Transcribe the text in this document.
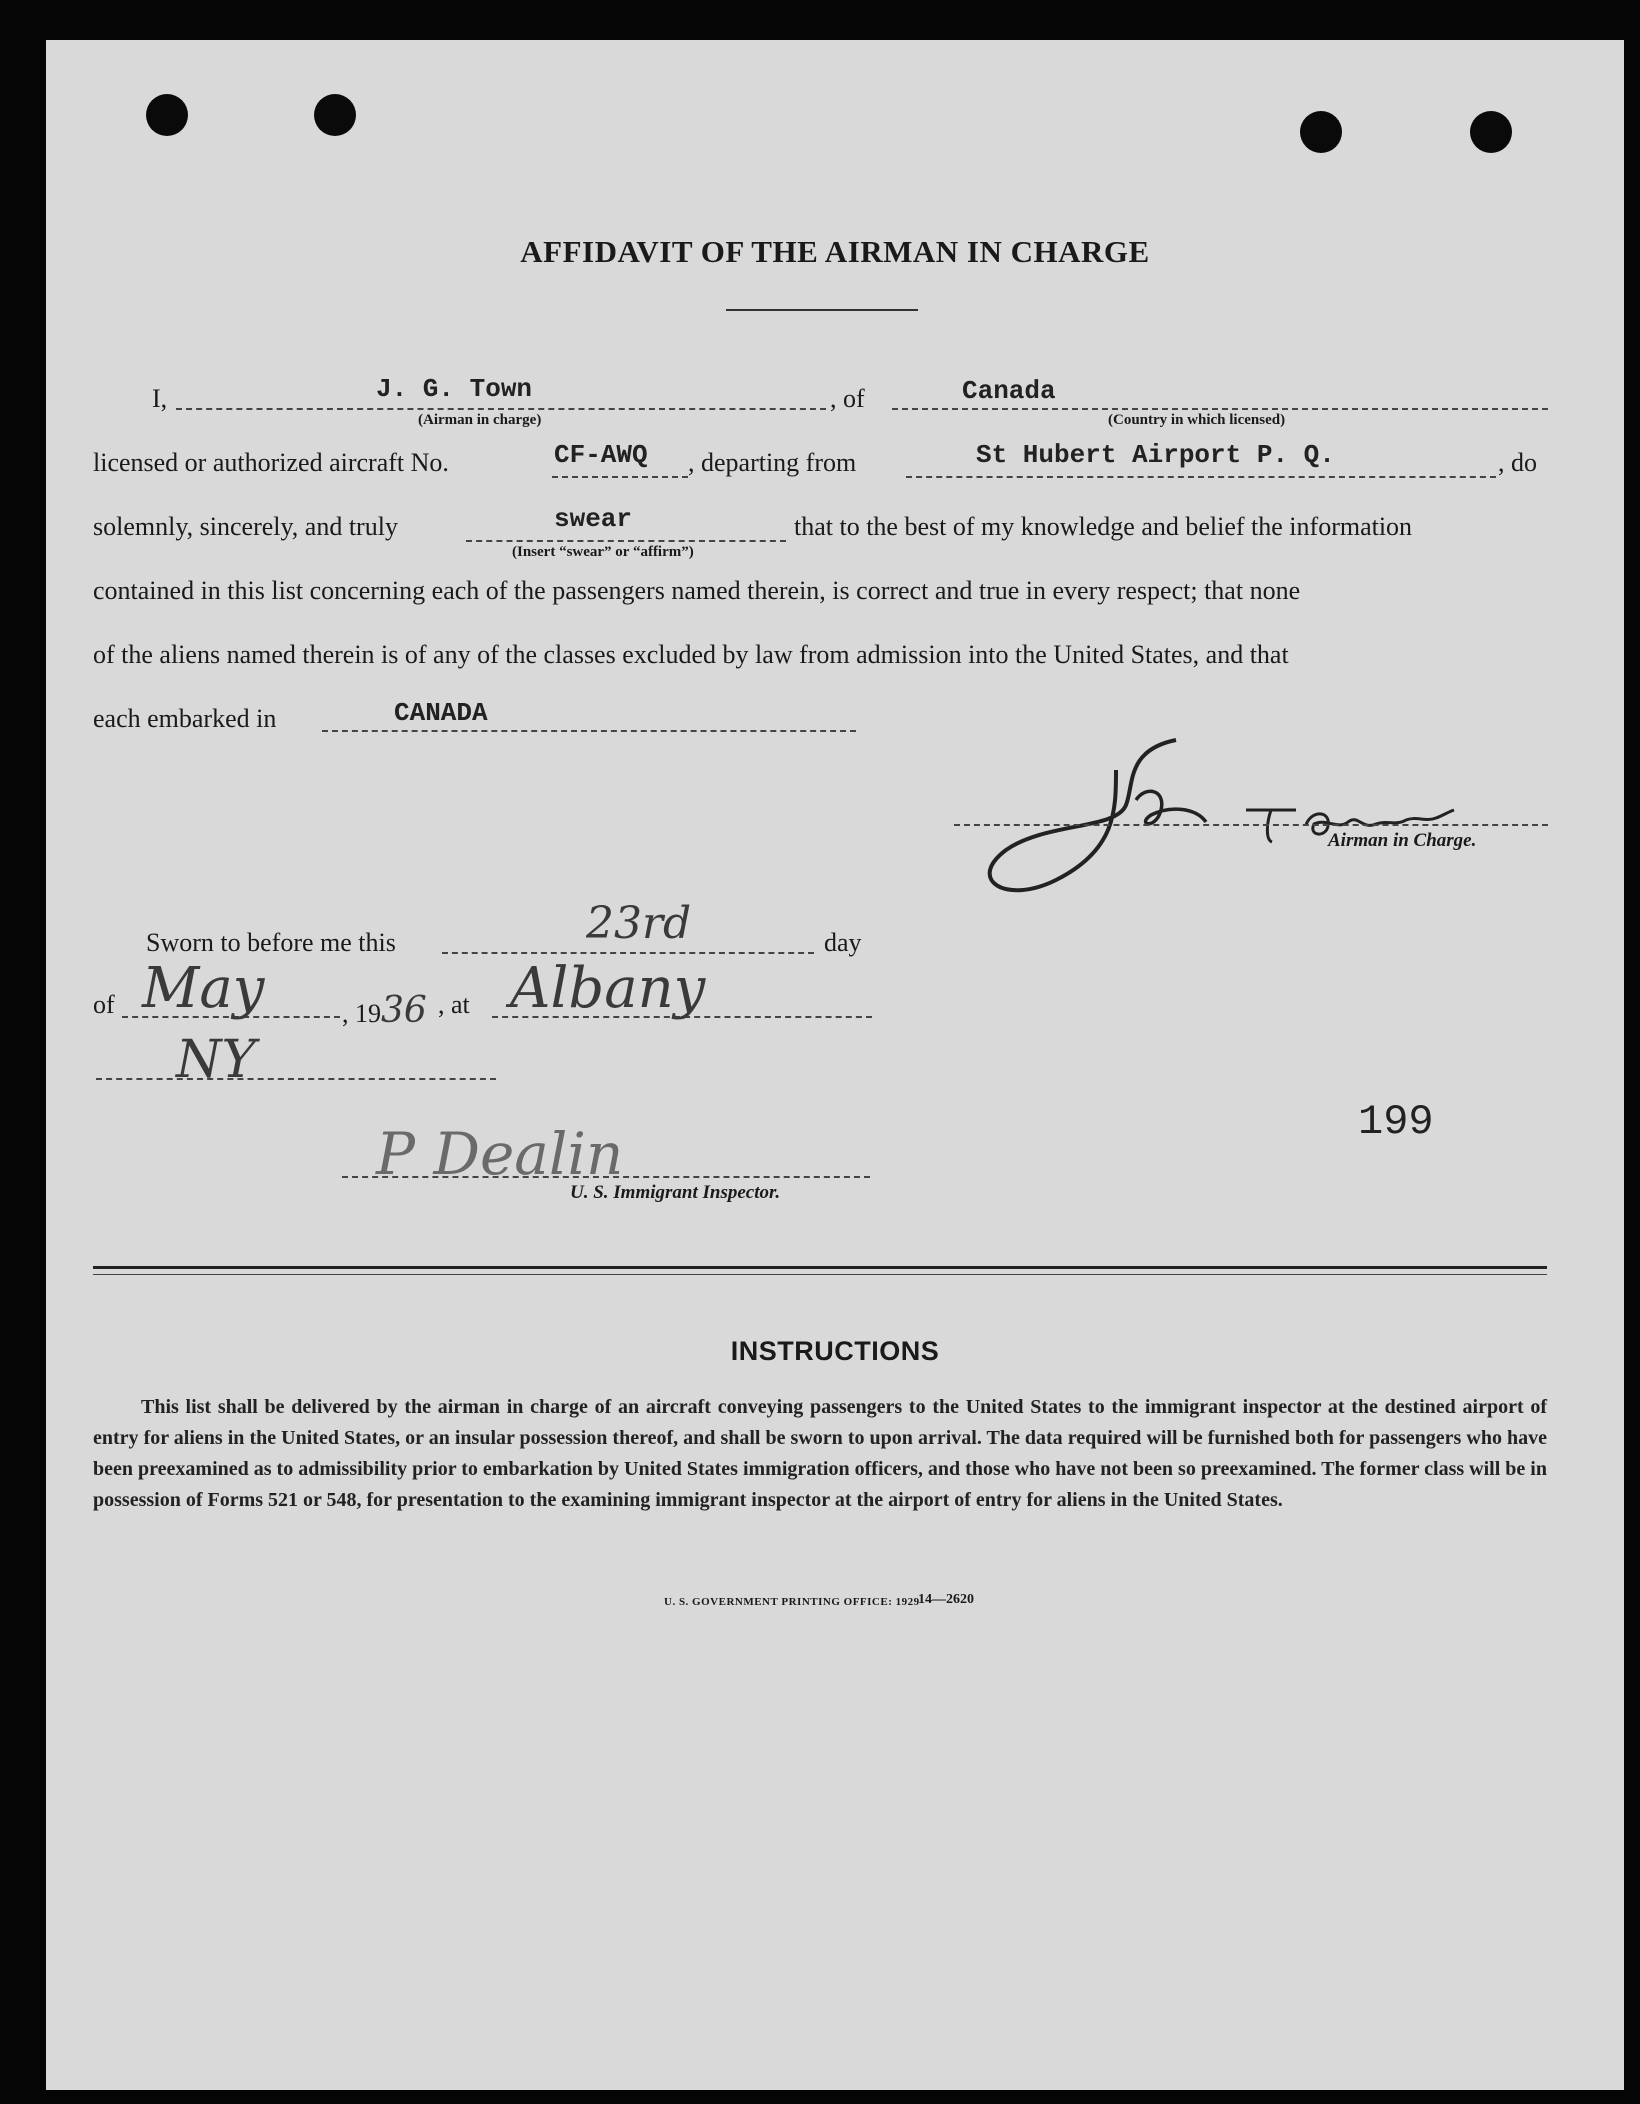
AFFIDAVIT OF THE AIRMAN IN CHARGE
I,	J. G. Town
(Airman in charge)
, of	Canada
(Country in which licensed)
licensed or authorized aircraft No.	CF-AWQ , departing from	St Hubert Airport P. Q.	, do
solemnly, sincerely, and truly	swear
(Insert “swear” or “affirm”)
that to the best of my knowledge and belief the information
contained in this list concerning each of the passengers named therein, is correct and true in every respect; that none
of the aliens named therein is of any of the classes excluded by law from admission into the United States, and that
each embarked in	CANADA
Airman in Charge.
Sworn to before me this	23rd	day
of May	, 1936 , at Albany
NY
P Dealin
U. S. Immigrant Inspector.
199
INSTRUCTIONS
This list shall be delivered by the airman in charge of an aircraft conveying passengers to the United States to the immigrant inspector at the destined airport of entry for aliens in the United States, or an insular possession thereof, and shall be sworn to upon arrival. The data required will be furnished both for passengers who have been preexamined as to admissibility prior to embarkation by United States immigration officers, and those who have not been so preexamined. The former class will be in possession of Forms 521 or 548, for presentation to the examining immigrant inspector at the airport of entry for aliens in the United States.
U. S. GOVERNMENT PRINTING OFFICE: 1929
14—2620
